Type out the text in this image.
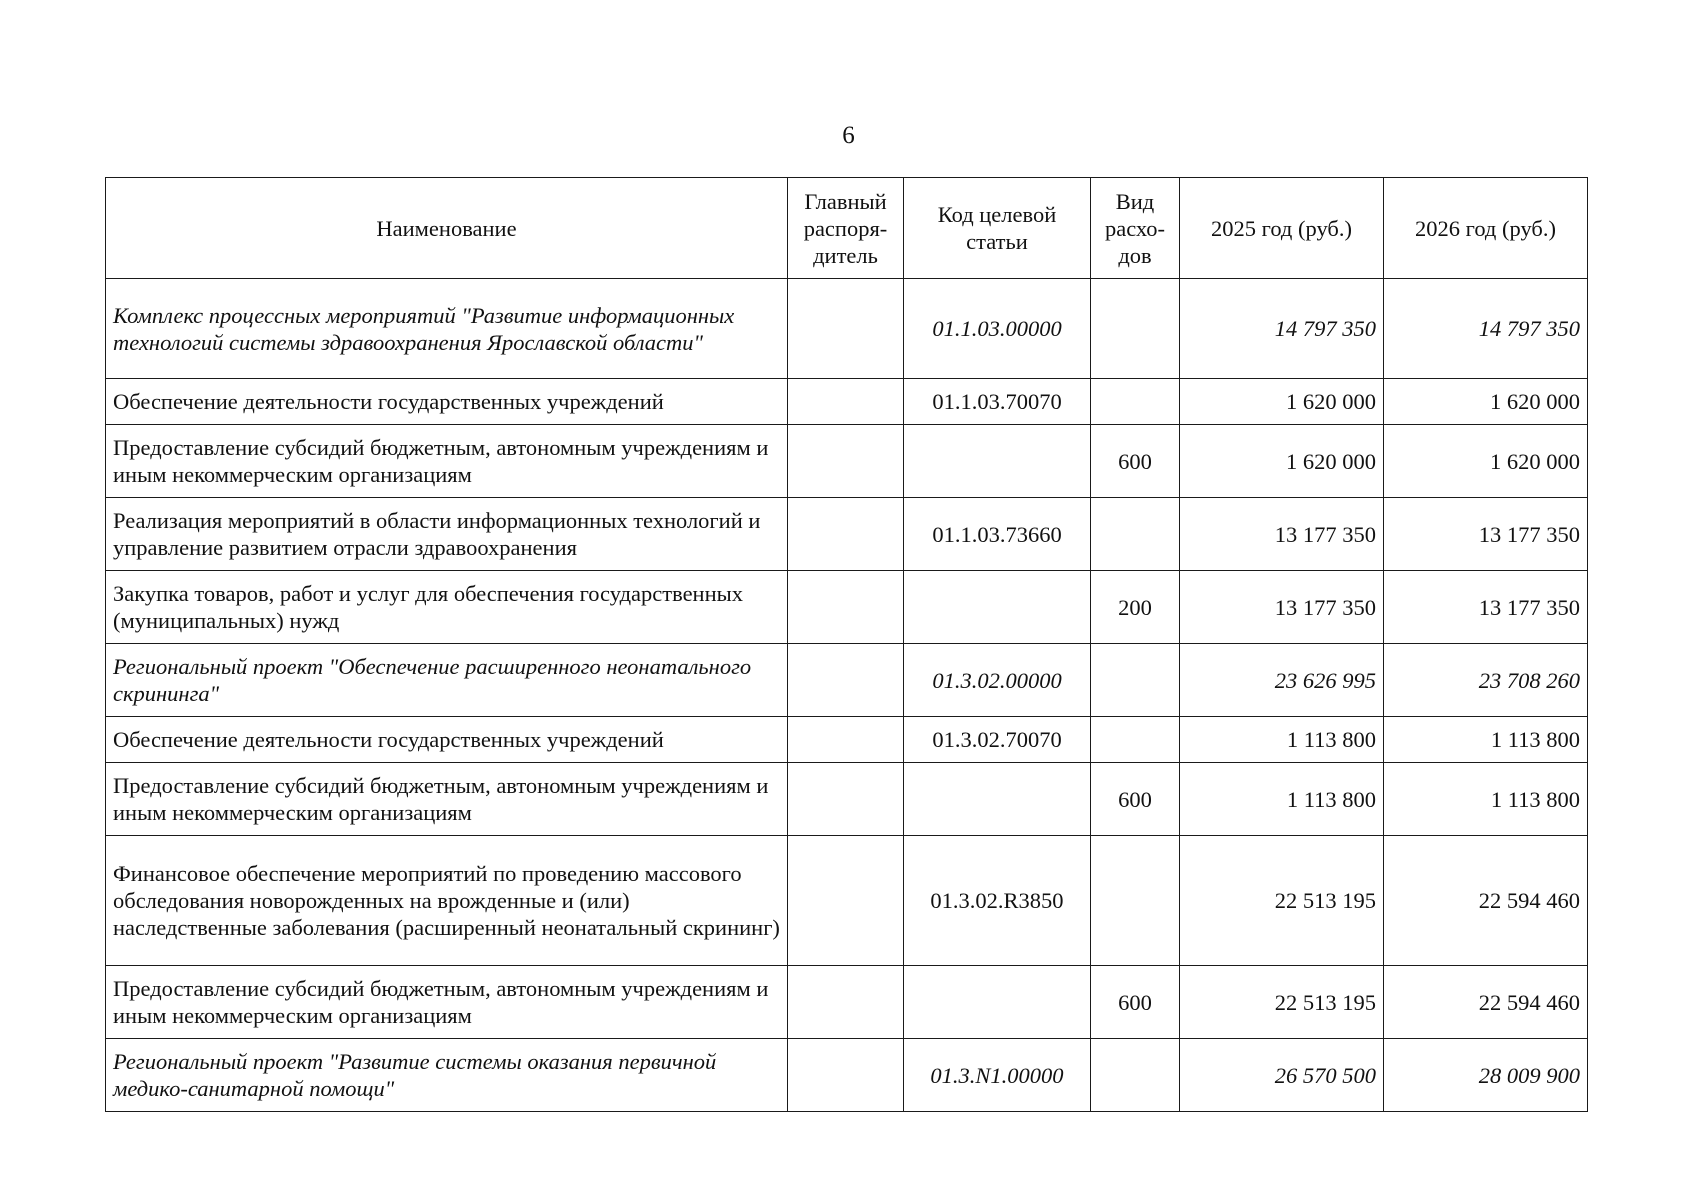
6
Наименование	Главный распоря-дитель	Код целевой статьи	Вид расхо-дов	2025 год (руб.)	2026 год (руб.)
Комплекс процессных мероприятий "Развитие информационных технологий системы здравоохранения Ярославской области"		01.1.03.00000		14 797 350	14 797 350
Обеспечение деятельности государственных учреждений		01.1.03.70070		1 620 000	1 620 000
Предоставление субсидий бюджетным, автономным учреждениям и иным некоммерческим организациям			600	1 620 000	1 620 000
Реализация мероприятий в области информационных технологий и управление развитием отрасли здравоохранения		01.1.03.73660		13 177 350	13 177 350
Закупка товаров, работ и услуг для обеспечения государственных (муниципальных) нужд			200	13 177 350	13 177 350
Региональный проект "Обеспечение расширенного неонатального скрининга"		01.3.02.00000		23 626 995	23 708 260
Обеспечение деятельности государственных учреждений		01.3.02.70070		1 113 800	1 113 800
Предоставление субсидий бюджетным, автономным учреждениям и иным некоммерческим организациям			600	1 113 800	1 113 800
Финансовое обеспечение мероприятий по проведению массового обследования новорожденных на врожденные и (или) наследственные заболевания (расширенный неонатальный скрининг)		01.3.02.R3850		22 513 195	22 594 460
Предоставление субсидий бюджетным, автономным учреждениям и иным некоммерческим организациям			600	22 513 195	22 594 460
Региональный проект "Развитие системы оказания первичной медико-санитарной помощи"		01.3.N1.00000		26 570 500	28 009 900
